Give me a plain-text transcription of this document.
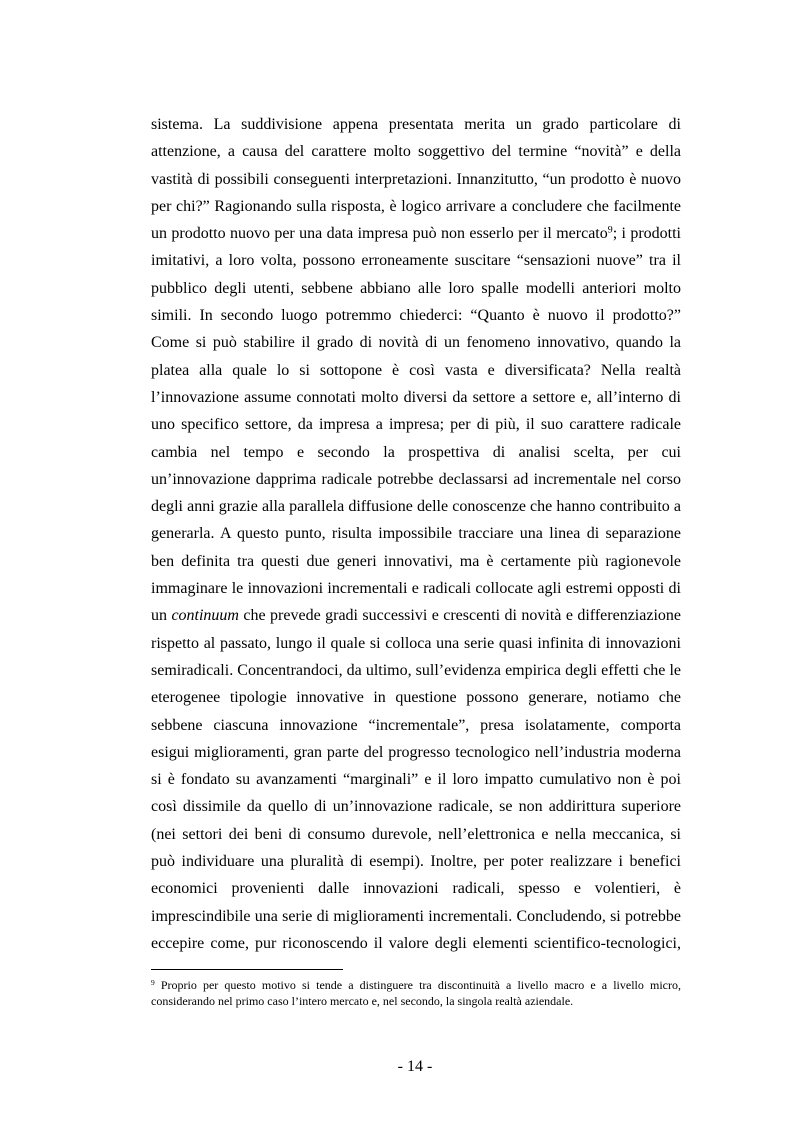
sistema. La suddivisione appena presentata merita un grado particolare di attenzione, a causa del carattere molto soggettivo del termine “novità” e della vastità di possibili conseguenti interpretazioni. Innanzitutto, “un prodotto è nuovo per chi?” Ragionando sulla risposta, è logico arrivare a concludere che facilmente un prodotto nuovo per una data impresa può non esserlo per il mercato$^9$; i prodotti imitativi, a loro volta, possono erroneamente suscitare “sensazioni nuove” tra il pubblico degli utenti, sebbene abbiano alle loro spalle modelli anteriori molto simili. In secondo luogo potremmo chiederci: “Quanto è nuovo il prodotto?” Come si può stabilire il grado di novità di un fenomeno innovativo, quando la platea alla quale lo si sottopone è così vasta e diversificata? Nella realtà l’innovazione assume connotati molto diversi da settore a settore e, all’interno di uno specifico settore, da impresa a impresa; per di più, il suo carattere radicale cambia nel tempo e secondo la prospettiva di analisi scelta, per cui un’innovazione dapprima radicale potrebbe declassarsi ad incrementale nel corso degli anni grazie alla parallela diffusione delle conoscenze che hanno contribuito a generarla. A questo punto, risulta impossibile tracciare una linea di separazione ben definita tra questi due generi innovativi, ma è certamente più ragionevole immaginare le innovazioni incrementali e radicali collocate agli estremi opposti di un continuum che prevede gradi successivi e crescenti di novità e differenziazione rispetto al passato, lungo il quale si colloca una serie quasi infinita di innovazioni semiradicali. Concentrandoci, da ultimo, sull’evidenza empirica degli effetti che le eterogenee tipologie innovative in questione possono generare, notiamo che sebbene ciascuna innovazione “incrementale”, presa isolatamente, comporta esigui miglioramenti, gran parte del progresso tecnologico nell’industria moderna si è fondato su avanzamenti “marginali” e il loro impatto cumulativo non è poi così dissimile da quello di un’innovazione radicale, se non addirittura superiore (nei settori dei beni di consumo durevole, nell’elettronica e nella meccanica, si può individuare una pluralità di esempi). Inoltre, per poter realizzare i benefici economici provenienti dalle innovazioni radicali, spesso e volentieri, è imprescindibile una serie di miglioramenti incrementali. Concludendo, si potrebbe eccepire come, pur riconoscendo il valore degli elementi scientifico-tecnologici,

$^9$ Proprio per questo motivo si tende a distinguere tra discontinuità a livello macro e a livello micro, considerando nel primo caso l’intero mercato e, nel secondo, la singola realtà aziendale.

- 14 -
